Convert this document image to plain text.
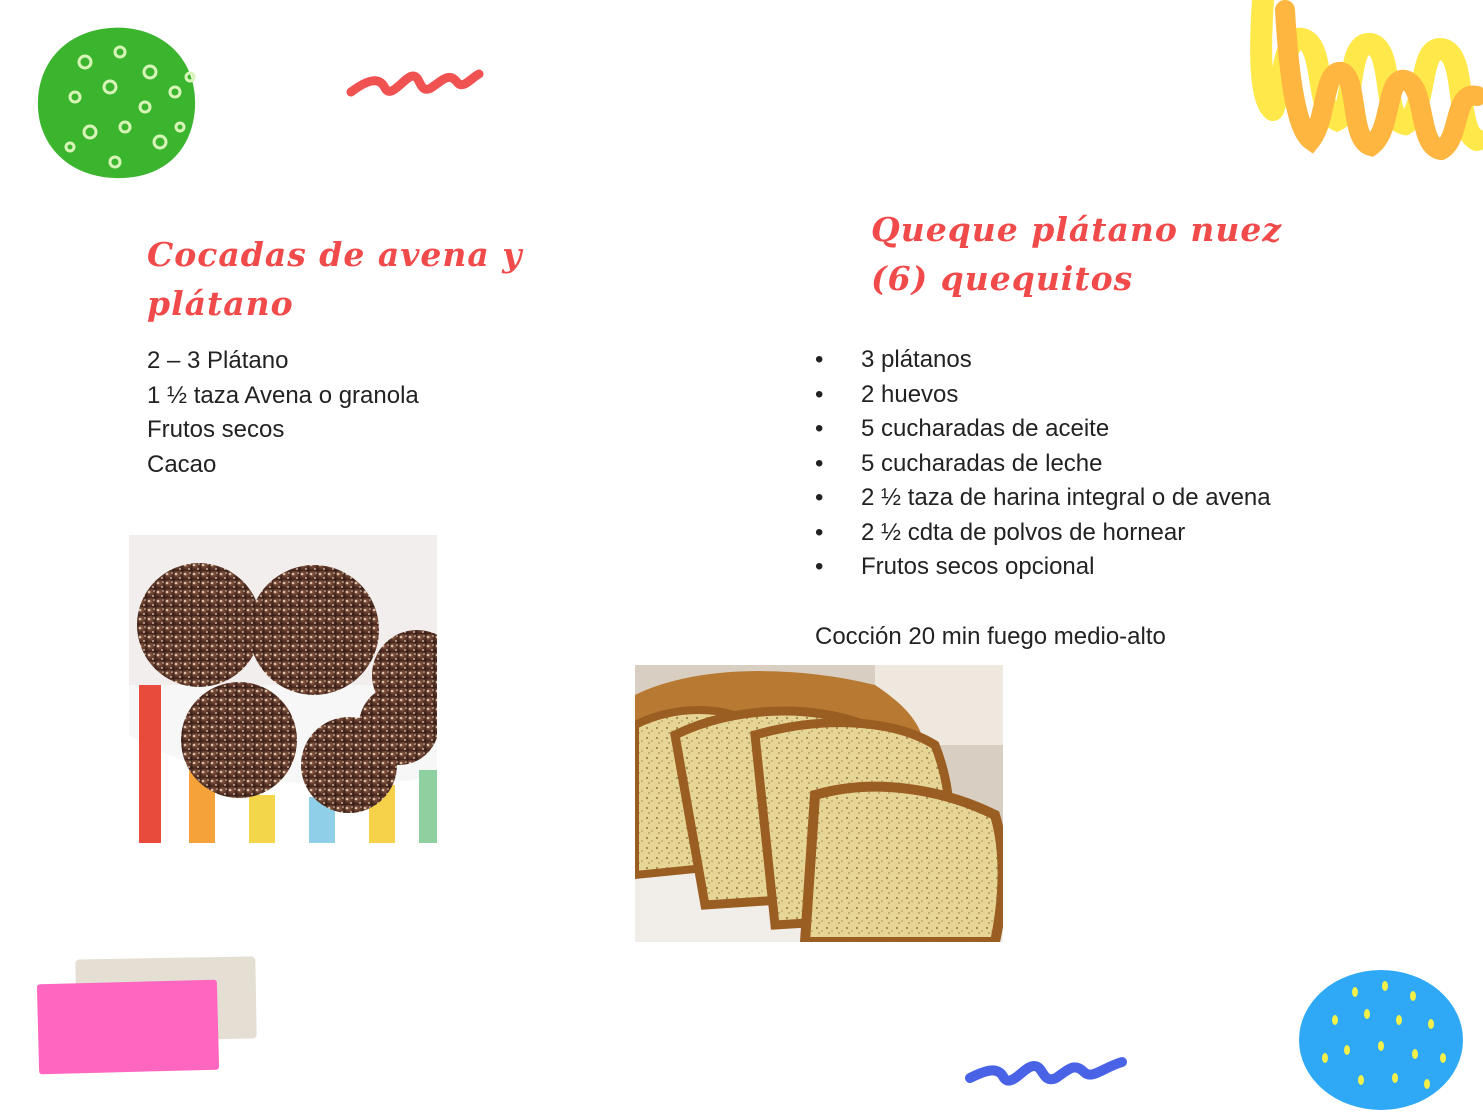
Cocadas de avena y
plátano
2 – 3 Plátano
1 ½ taza Avena o granola
Frutos secos
Cacao
Queque plátano nuez
(6) quequitos
• 3 plátanos
• 2 huevos
• 5 cucharadas de aceite
• 5 cucharadas de leche
• 2 ½ taza de harina integral o de avena
• 2 ½ cdta de polvos de hornear
• Frutos secos opcional
Cocción 20 min fuego medio-alto
